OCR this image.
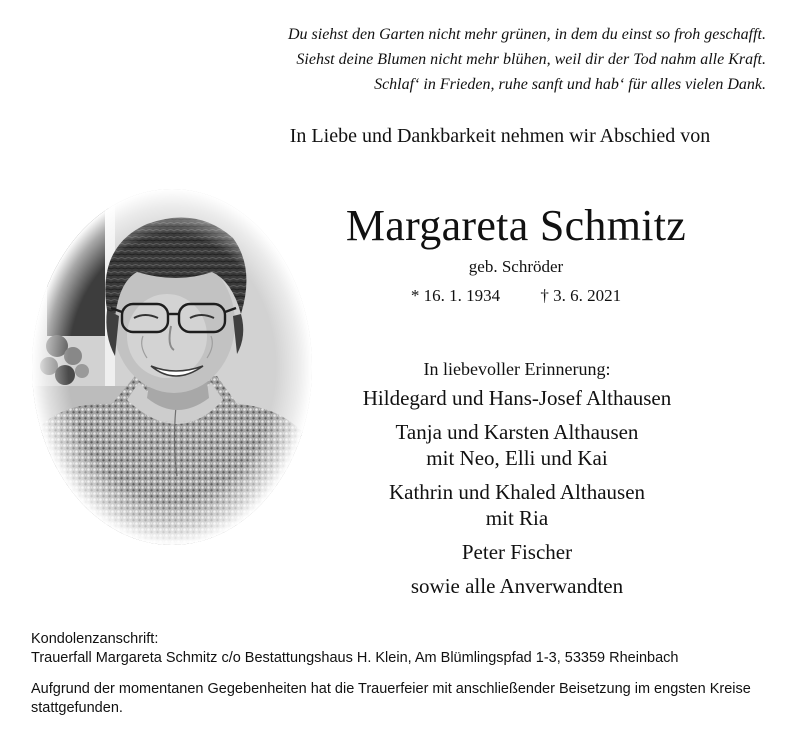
Du siehst den Garten nicht mehr grünen, in dem du einst so froh geschafft.
Siehst deine Blumen nicht mehr blühen, weil dir der Tod nahm alle Kraft.
Schlaf‘ in Frieden, ruhe sanft und hab‘ für alles vielen Dank.
In Liebe und Dankbarkeit nehmen wir Abschied von
Margareta Schmitz
geb. Schröder
* 16. 1. 1934 † 3. 6. 2021
In liebevoller Erinnerung:
Hildegard und Hans-Josef Althausen
Tanja und Karsten Althausen
mit Neo, Elli und Kai
Kathrin und Khaled Althausen
mit Ria
Peter Fischer
sowie alle Anverwandten
Kondolenzanschrift:
Trauerfall Margareta Schmitz c/o Bestattungshaus H. Klein, Am Blümlingspfad 1-3, 53359 Rheinbach
Aufgrund der momentanen Gegebenheiten hat die Trauerfeier mit anschließender Beisetzung im engsten Kreise stattgefunden.
